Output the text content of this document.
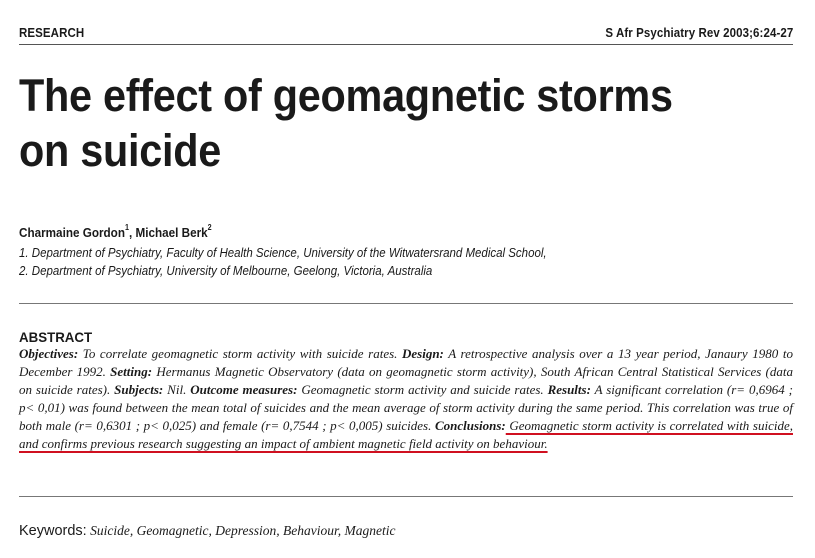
RESEARCH	S Afr Psychiatry Rev 2003;6:24-27
The effect of geomagnetic storms on suicide
Charmaine Gordon$^1$, Michael Berk$^2$
1. Department of Psychiatry, Faculty of Health Science, University of the Witwatersrand Medical School,
2. Department of Psychiatry, University of Melbourne, Geelong, Victoria, Australia
ABSTRACT

Objectives: To correlate geomagnetic storm activity with suicide rates. Design: A retrospective analysis over a 13 year period, Janaury 1980 to December 1992. Setting: Hermanus Magnetic Observatory (data on geomagnetic storm activity), South African Central Statistical Services (data on suicide rates). Subjects: Nil. Outcome measures: Geomagnetic storm activity and suicide rates. Results: A significant correlation (r= 0,6964 ; p< 0,01) was found between the mean total of suicides and the mean average of storm activity during the same period. This correlation was true of both male (r= 0,6301 ; p< 0,025) and female (r= 0,7544 ; p< 0,005) suicides. Conclusions: Geomagnetic storm activity is correlated with suicide, and confirms previous research suggesting an impact of ambient magnetic field activity on behaviour.

Keywords: Suicide, Geomagnetic, Depression, Behaviour, Magnetic
